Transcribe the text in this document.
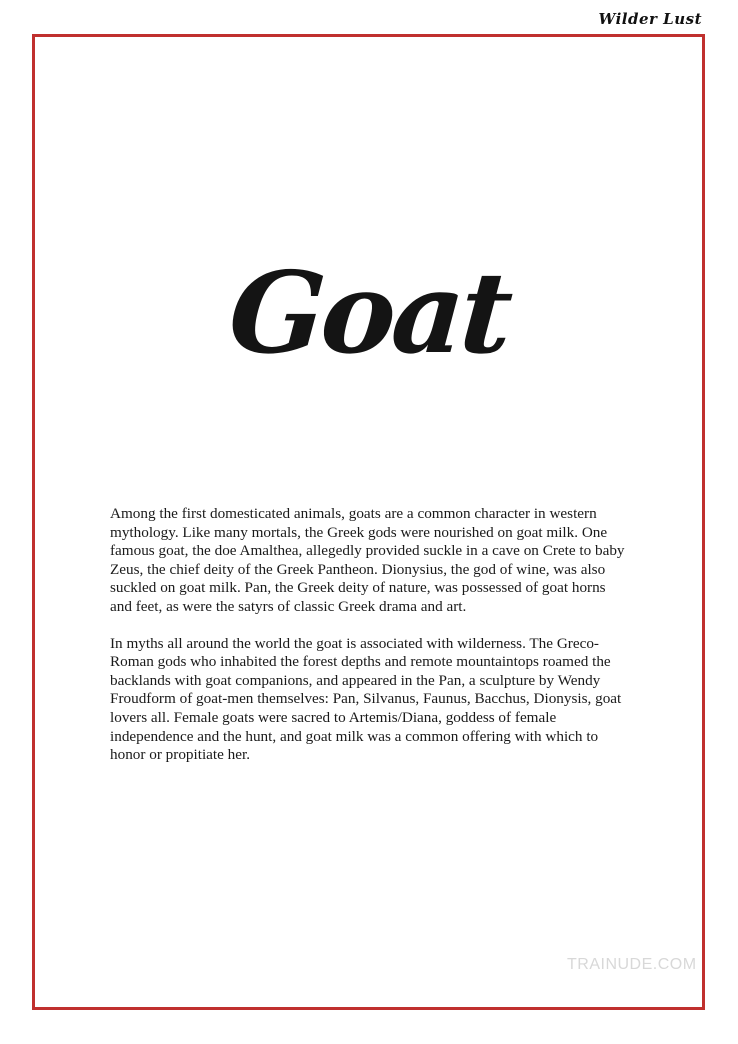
Wilder Lust
Goat

Among the first domesticated animals, goats are a common character in western mythology. Like many mortals, the Greek gods were nourished on goat milk. One famous goat, the doe Amalthea, allegedly provided suckle in a cave on Crete to baby Zeus, the chief deity of the Greek Pantheon. Dionysius, the god of wine, was also suckled on goat milk. Pan, the Greek deity of nature, was possessed of goat horns and feet, as were the satyrs of classic Greek drama and art.

In myths all around the world the goat is associated with wilderness. The Greco-Roman gods who inhabited the forest depths and remote mountaintops roamed the backlands with goat companions, and appeared in the Pan, a sculpture by Wendy Froudform of goat-men themselves: Pan, Silvanus, Faunus, Bacchus, Dionysis, goat lovers all. Female goats were sacred to Artemis/Diana, goddess of female independence and the hunt, and goat milk was a common offering with which to honor or propitiate her.

TRAINUDE.COM
